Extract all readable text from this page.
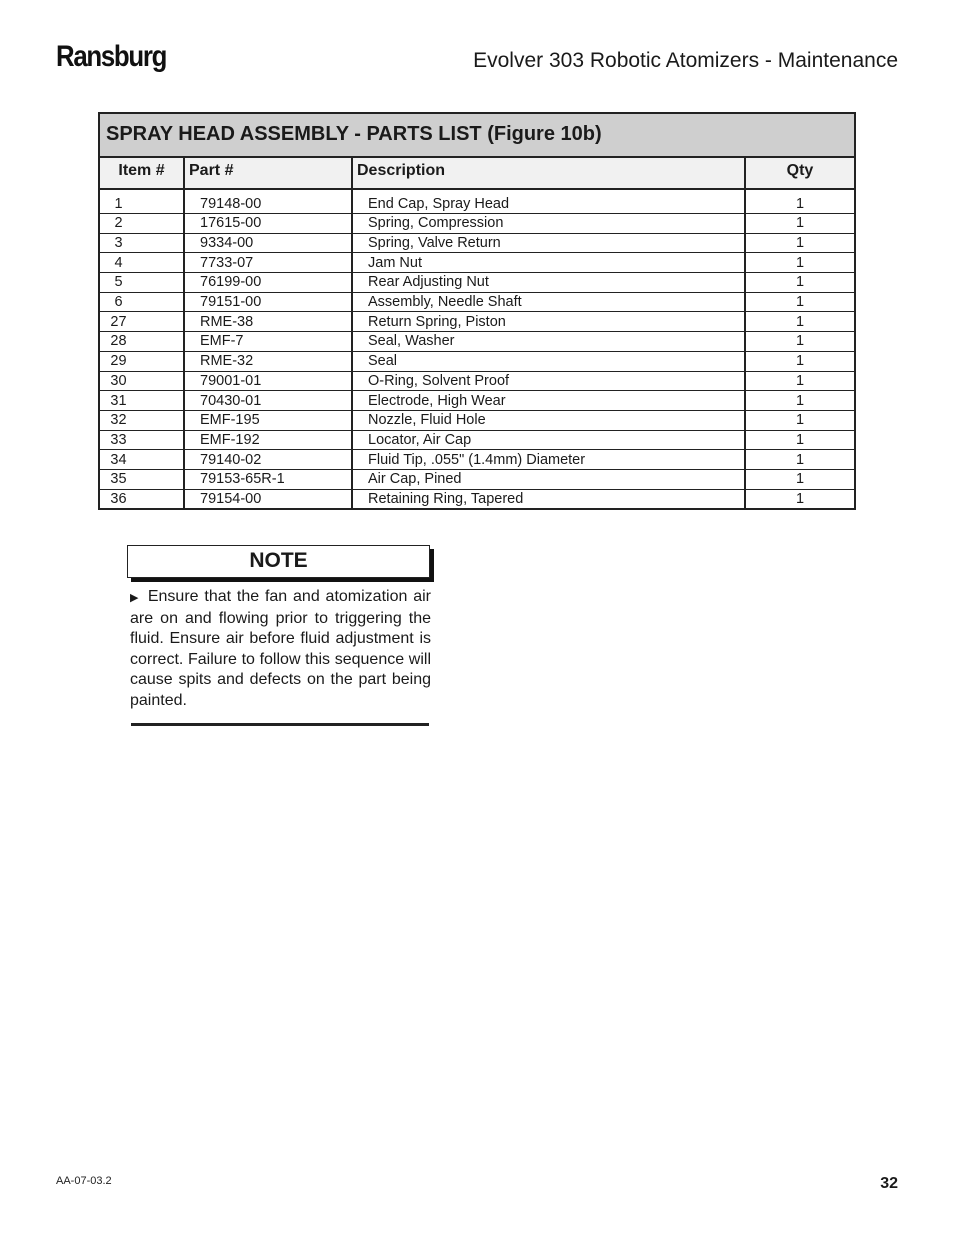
Ransburg	Evolver 303 Robotic Atomizers - Maintenance
SPRAY HEAD ASSEMBLY - PARTS LIST (Figure 10b)
Item #	Part #	Description	Qty
1	79148-00	End Cap, Spray Head	1
2	17615-00	Spring, Compression	1
3	9334-00	Spring, Valve Return	1
4	7733-07	Jam Nut	1
5	76199-00	Rear Adjusting Nut	1
6	79151-00	Assembly, Needle Shaft	1
27	RME-38	Return Spring, Piston	1
28	EMF-7	Seal, Washer	1
29	RME-32	Seal	1
30	79001-01	O-Ring, Solvent Proof	1
31	70430-01	Electrode, High Wear	1
32	EMF-195	Nozzle, Fluid Hole	1
33	EMF-192	Locator, Air Cap	1
34	79140-02	Fluid Tip, .055" (1.4mm) Diameter	1
35	79153-65R-1	Air Cap, Pined	1
36	79154-00	Retaining Ring, Tapered	1
NOTE
▶ Ensure that the fan and atomization air are on and flowing prior to triggering the fluid. Ensure air before fluid adjustment is correct. Failure to follow this sequence will cause spits and defects on the part being painted.
AA-07-03.2	32
